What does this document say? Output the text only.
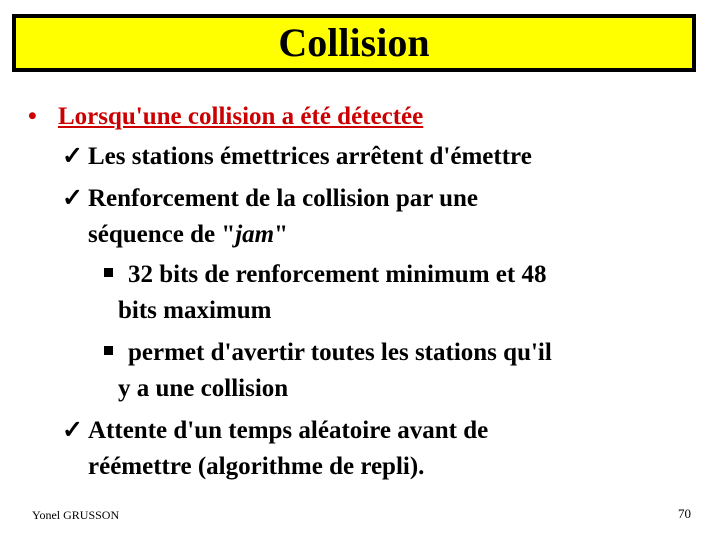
Collision
• Lorsqu'une collision a été détectée
✓ Les stations émettrices arrêtent d'émettre
✓ Renforcement de la collision par une
séquence de "jam"
32 bits de renforcement minimum et 48
bits maximum
permet d'avertir toutes les stations qu'il
y a une collision
✓ Attente d'un temps aléatoire avant de
réémettre (algorithme de repli).
Yonel GRUSSON	70
